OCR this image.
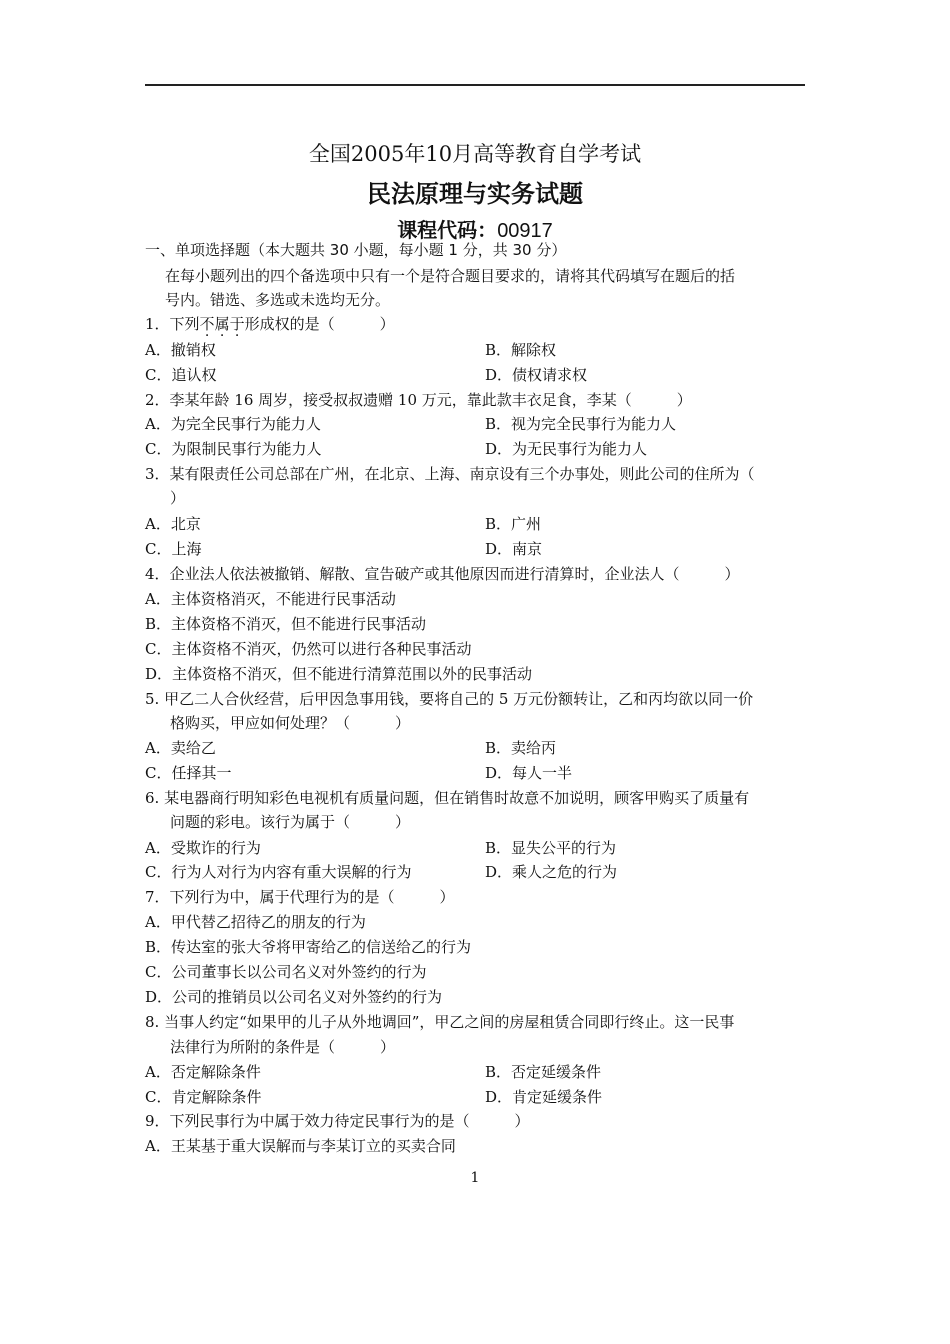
全国2005年10月高等教育自学考试
民法原理与实务试题
课程代码：00917
一、单项选择题（本大题共 30 小题，每小题 1 分，共 30 分）
在每小题列出的四个备选项中只有一个是符合题目要求的，请将其代码填写在题后的括
号内。错选、多选或未选均无分。
1．下列不属于形成权的是（　　　）
A．撤销权	B．解除权
C．追认权	D．债权请求权
2．李某年龄 16 周岁，接受叔叔遗赠 10 万元，靠此款丰衣足食，李某（　　　）
A．为完全民事行为能力人	B．视为完全民事行为能力人
C．为限制民事行为能力人	D．为无民事行为能力人
3．某有限责任公司总部在广州，在北京、上海、南京设有三个办事处，则此公司的住所为（
）
A．北京	B．广州
C．上海	D．南京
4．企业法人依法被撤销、解散、宣告破产或其他原因而进行清算时，企业法人（　　　）
A．主体资格消灭，不能进行民事活动
B．主体资格不消灭，但不能进行民事活动
C．主体资格不消灭，仍然可以进行各种民事活动
D．主体资格不消灭，但不能进行清算范围以外的民事活动
5. 甲乙二人合伙经营，后甲因急事用钱，要将自己的 5 万元份额转让，乙和丙均欲以同一价
格购买，甲应如何处理？（　　　）
A．卖给乙	B．卖给丙
C．任择其一	D．每人一半
6. 某电器商行明知彩色电视机有质量问题，但在销售时故意不加说明，顾客甲购买了质量有
问题的彩电。该行为属于（　　　）
A．受欺诈的行为	B．显失公平的行为
C．行为人对行为内容有重大误解的行为	D．乘人之危的行为
7．下列行为中，属于代理行为的是（　　　）
A．甲代替乙招待乙的朋友的行为
B．传达室的张大爷将甲寄给乙的信送给乙的行为
C．公司董事长以公司名义对外签约的行为
D．公司的推销员以公司名义对外签约的行为
8. 当事人约定“如果甲的儿子从外地调回”，甲乙之间的房屋租赁合同即行终止。这一民事
法律行为所附的条件是（　　　）
A．否定解除条件	B．否定延缓条件
C．肯定解除条件	D．肯定延缓条件
9．下列民事行为中属于效力待定民事行为的是（　　　）
A．王某基于重大误解而与李某订立的买卖合同
1
